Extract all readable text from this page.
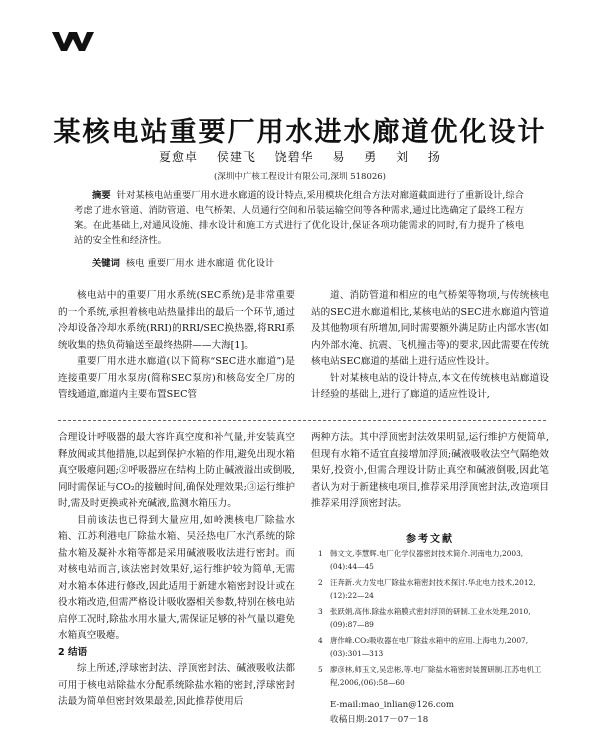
某核电站重要厂用水进水廊道优化设计
夏愈卓 侯建飞 饶碧华 易 勇 刘 扬
(深圳中广核工程设计有限公司,深圳 518026)
摘要 针对某核电站重要厂用水进水廊道的设计特点,采用模块化组合方法对廊道截面进行了重新设计,综合考虑了进水管道、消防管道、电气桥架、人员通行空间和吊装运输空间等各种需求,通过比选确定了最终工程方案。在此基础上,对通风设施、排水设计和施工方式进行了优化设计,保证各项功能需求的同时,有力提升了核电站的安全性和经济性。
关键词 核电 重要厂用水 进水廊道 优化设计

核电站中的重要厂用水系统(SEC系统)是非常重要的一个系统,承担着核电站热量排出的最后一个环节,通过冷却设备冷却水系统(RRI)的RRI/SEC换热器,将RRI系统收集的热负荷输送至最终热阱——大海[1]。

重要厂用水进水廊道(以下简称“SEC进水廊道”)是连接重要厂用水泵房(简称SEC泵房)和核岛安全厂房的管线通道,廊道内主要布置SEC管

道、消防管道和相应的电气桥架等物项,与传统核电站的SEC进水廊道相比,某核电站的SEC进水廊道内管道及其他物项有所增加,同时需要额外满足防止内部水害(如内外部水淹、抗震、飞机撞击等)的要求,因此需要在传统核电站SEC廊道的基础上进行适应性设计。

针对某核电站的设计特点,本文在传统核电站廊道设计经验的基础上,进行了廊道的适应性设计,

合理设计呼吸器的最大容许真空度和补气量,并安装真空释放阀或其他措施,以起到保护水箱的作用,避免出现水箱真空吸瘪问题;②呼吸器应在结构上防止碱液溢出或倒吸,同时需保证与CO₂的接触时间,确保处理效果;③运行维护时,需及时更换或补充碱液,监测水箱压力。

目前该法也已得到大量应用,如岭澳核电厂除盐水箱、江苏利港电厂除盐水箱、吴泾热电厂水汽系统的除盐水箱及凝补水箱等都是采用碱液吸收法进行密封。而对核电站而言,该法密封效果好,运行维护较为简单,无需对水箱本体进行修改,因此适用于新建水箱密封设计或在役水箱改造,但需严格设计吸收器相关参数,特别在核电站启停工况时,除盐水用水量大,需保证足够的补气量以避免水箱真空吸瘪。

2 结语

综上所述,浮球密封法、浮顶密封法、碱液吸收法都可用于核电站除盐水分配系统除盐水箱的密封,浮球密封法最为简单但密封效果最差,因此推荐使用后

两种方法。其中浮顶密封法效果明显,运行维护方便简单,但现有水箱不适宜直接增加浮顶;碱液吸收法空气隔绝效果好,投资小,但需合理设计防止真空和碱液倒吸,因此笔者认为对于新建核电项目,推荐采用浮顶密封法,改造项目推荐采用浮顶密封法。

参考文献
1 韩文文,李慧辉.电厂化学仪器密封技术简介.河南电力,2003,(04):44—45
2 汪奔新.火力发电厂除盐水箱密封技术探讨.华北电力技术,2012,(12):22—24
3 张跃娟,高伟.除盐水箱膜式密封浮顶的研制.工业水处理,2010,(09):87—89
4 唐作峰.CO₂吸收器在电厂除盐水箱中的应用.上海电力,2007,(03):301—313
5 廖彦林,师玉文,吴忠彬,等.电厂除盐水箱密封装置研制.江苏电机工程,2006,(06):58—60
E-mail:mao_inlian@126.com
收稿日期:2017－07－18
